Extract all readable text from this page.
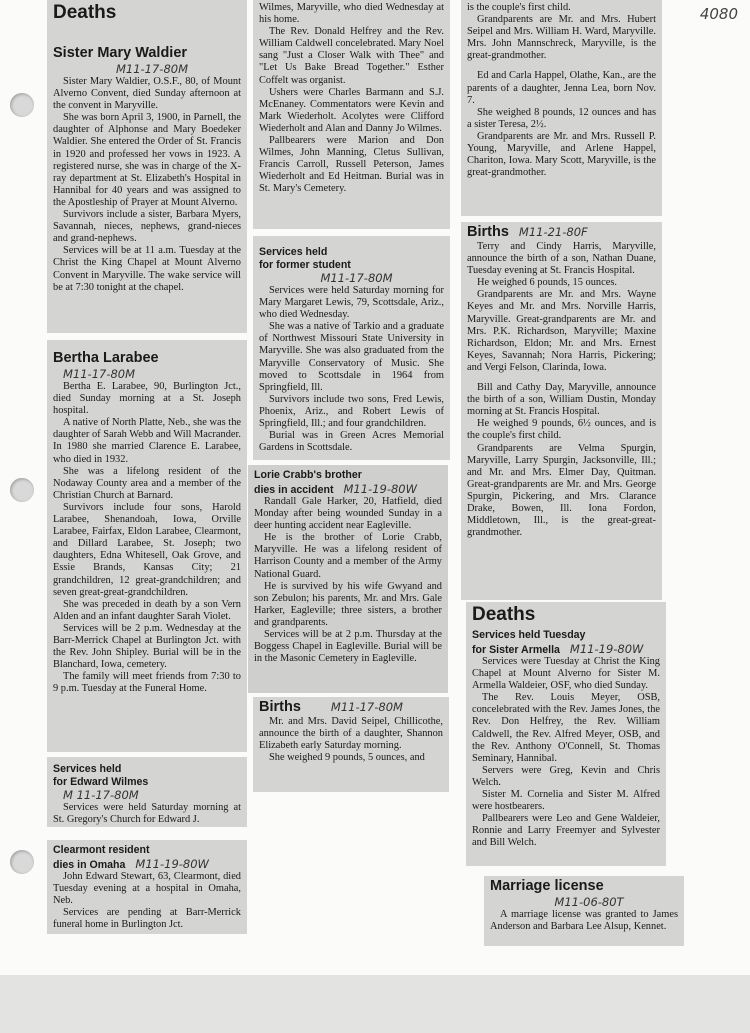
4080
Deaths
Sister Mary Waldier
M11-17-80M

Sister Mary Waldier, O.S.F., 80, of Mount Alverno Convent, died Sunday afternoon at the convent in Maryville.

She was born April 3, 1900, in Parnell, the daughter of Alphonse and Mary Boedeker Waldier. She entered the Order of St. Francis in 1920 and professed her vows in 1923. A registered nurse, she was in charge of the X-ray department at St. Elizabeth's Hospital in Hannibal for 40 years and was assigned to the Apostleship of Prayer at Mount Alverno.

Survivors include a sister, Barbara Myers, Savannah, nieces, nephews, grand-nieces and grand-nephews.

Services will be at 11 a.m. Tuesday at the Christ the King Chapel at Mount Alverno Convent in Maryville. The wake service will be at 7:30 tonight at the chapel.

Bertha Larabee
M11-17-80M

Bertha E. Larabee, 90, Burlington Jct., died Sunday morning at a St. Joseph hospital.

A native of North Platte, Neb., she was the daughter of Sarah Webb and Will Macrander. In 1980 she married Clarence E. Larabee, who died in 1932.

She was a lifelong resident of the Nodaway County area and a member of the Christian Church at Barnard.

Survivors include four sons, Harold Larabee, Shenandoah, Iowa, Orville Larabee, Fairfax, Eldon Larabee, Clearmont, and Dillard Larabee, St. Joseph; two daughters, Edna Whitesell, Oak Grove, and Essie Brands, Kansas City; 21 grandchildren, 12 great-grandchildren; and seven great-great-grandchildren.

She was preceded in death by a son Vern Alden and an infant daughter Sarah Violet.

Services will be 2 p.m. Wednesday at the Barr-Merrick Chapel at Burlington Jct. with the Rev. John Shipley. Burial will be in the Blanchard, Iowa, cemetery.

The family will meet friends from 7:30 to 9 p.m. Tuesday at the Funeral Home.

Services held
for Edward Wilmes
M 11-17-80M

Services were held Saturday morning at St. Gregory's Church for Edward J.

Clearmont resident
dies in Omaha M11-19-80W

John Edward Stewart, 63, Clearmont, died Tuesday evening at a hospital in Omaha, Neb.

Services are pending at Barr-Merrick funeral home in Burlington Jct.

Wilmes, Maryville, who died Wednesday at his home.

The Rev. Donald Helfrey and the Rev. William Caldwell concelebrated. Mary Noel sang "Just a Closer Walk with Thee" and "Let Us Bake Bread Together." Esther Coffelt was organist.

Ushers were Charles Barmann and S.J. McEnaney. Commentators were Kevin and Mark Wiederholt. Acolytes were Clifford Wiederholt and Alan and Danny Jo Wilmes.

Pallbearers were Marion and Don Wilmes, John Manning, Cletus Sullivan, Francis Carroll, Russell Peterson, James Wiederholt and Ed Heitman. Burial was in St. Mary's Cemetery.

Services held
for former student
M11-17-80M

Services were held Saturday morning for Mary Margaret Lewis, 79, Scottsdale, Ariz., who died Wednesday.

She was a native of Tarkio and a graduate of Northwest Missouri State University in Maryville. She was also graduated from the Maryville Conservatory of Music. She moved to Scottsdale in 1964 from Springfield, Ill.

Survivors include two sons, Fred Lewis, Phoenix, Ariz., and Robert Lewis of Springfield, Ill.; and four grandchildren.

Burial was in Green Acres Memorial Gardens in Scottsdale.

Lorie Crabb's brother
dies in accident M11-19-80W

Randall Gale Harker, 20, Hatfield, died Monday after being wounded Sunday in a deer hunting accident near Eagleville.

He is the brother of Lorie Crabb, Maryville. He was a lifelong resident of Harrison County and a member of the Army National Guard.

He is survived by his wife Gwyand and son Zebulon; his parents, Mr. and Mrs. Gale Harker, Eagleville; three sisters, a brother and grandparents.

Services will be at 2 p.m. Thursday at the Boggess Chapel in Eagleville. Burial will be in the Masonic Cemetery in Eagleville.

Births	M11-17-80M

Mr. and Mrs. David Seipel, Chillicothe, announce the birth of a daughter, Shannon Elizabeth early Saturday morning.

She weighed 9 pounds, 5 ounces, and

is the couple's first child.

Grandparents are Mr. and Mrs. Hubert Seipel and Mrs. William H. Ward, Maryville. Mrs. John Mannschreck, Maryville, is the great-grandmother.

Ed and Carla Happel, Olathe, Kan., are the parents of a daughter, Jenna Lea, born Nov. 7.

She weighed 8 pounds, 12 ounces and has a sister Teresa, 2½.

Grandparents are Mr. and Mrs. Russell P. Young, Maryville, and Arlene Happel, Chariton, Iowa. Mary Scott, Maryville, is the great-grandmother.

Births M11-21-80F

Terry and Cindy Harris, Maryville, announce the birth of a son, Nathan Duane, Tuesday evening at St. Francis Hospital.

He weighed 6 pounds, 15 ounces.

Grandparents are Mr. and Mrs. Wayne Keyes and Mr. and Mrs. Norville Harris, Maryville. Great-grandparents are Mr. and Mrs. P.K. Richardson, Maryville; Maxine Richardson, Eldon; Mr. and Mrs. Ernest Keyes, Savannah; Nora Harris, Pickering; and Vergi Felson, Clarinda, Iowa.

Bill and Cathy Day, Maryville, announce the birth of a son, William Dustin, Monday morning at St. Francis Hospital.

He weighed 9 pounds, 6½ ounces, and is the couple's first child.

Grandparents are Velma Spurgin, Maryville, Larry Spurgin, Jacksonville, Ill.; and Mr. and Mrs. Elmer Day, Quitman. Great-grandparents are Mr. and Mrs. George Spurgin, Pickering, and Mrs. Clarance Drake, Bowen, Ill. Iona Fordon, Middletown, Ill., is the great-great-grandmother.

Deaths
Services held Tuesday
for Sister Armella M11-19-80W

Services were Tuesday at Christ the King Chapel at Mount Alverno for Sister M. Armella Waldeier, OSF, who died Sunday.

The Rev. Louis Meyer, OSB, concelebrated with the Rev. James Jones, the Rev. Don Helfrey, the Rev. William Caldwell, the Rev. Alfred Meyer, OSB, and the Rev. Anthony O'Connell, St. Thomas Seminary, Hannibal.

Servers were Greg, Kevin and Chris Welch.

Sister M. Cornelia and Sister M. Alfred were hostbearers.

Pallbearers were Leo and Gene Waldeier, Ronnie and Larry Freemyer and Sylvester and Bill Welch.

Marriage license
M11-06-80T

A marriage license was granted to James Anderson and Barbara Lee Alsup, Kennet.
